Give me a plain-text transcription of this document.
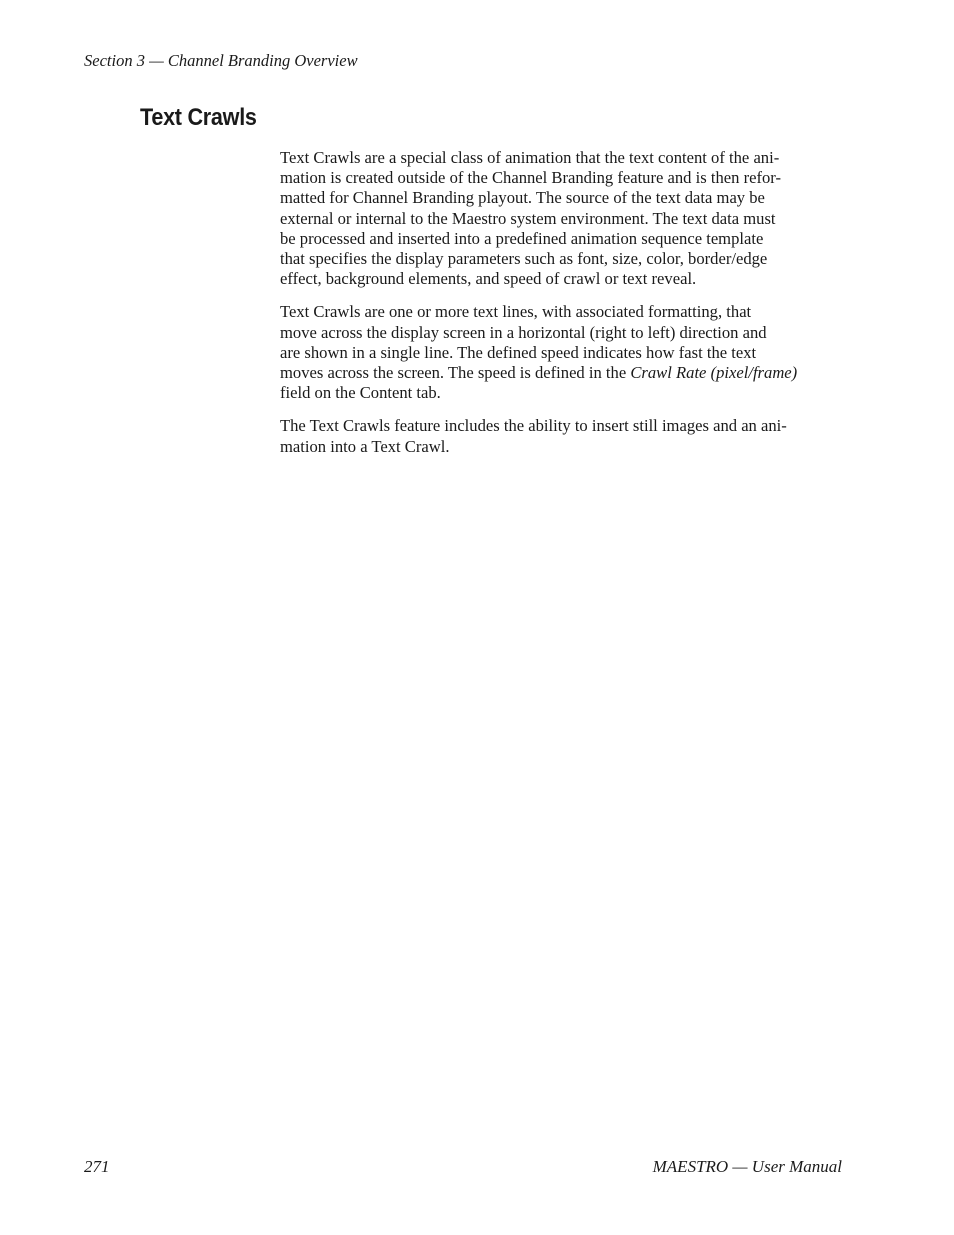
Section 3 — Channel Branding Overview
Text Crawls

Text Crawls are a special class of animation that the text content of the ani-
mation is created outside of the Channel Branding feature and is then refor-
matted for Channel Branding playout. The source of the text data may be
external or internal to the Maestro system environment. The text data must
be processed and inserted into a predefined animation sequence template
that specifies the display parameters such as font, size, color, border/edge
effect, background elements, and speed of crawl or text reveal.

Text Crawls are one or more text lines, with associated formatting, that
move across the display screen in a horizontal (right to left) direction and
are shown in a single line. The defined speed indicates how fast the text
moves across the screen. The speed is defined in the Crawl Rate (pixel/frame)
field on the Content tab.

The Text Crawls feature includes the ability to insert still images and an ani-
mation into a Text Crawl.

271	MAESTRO — User Manual
